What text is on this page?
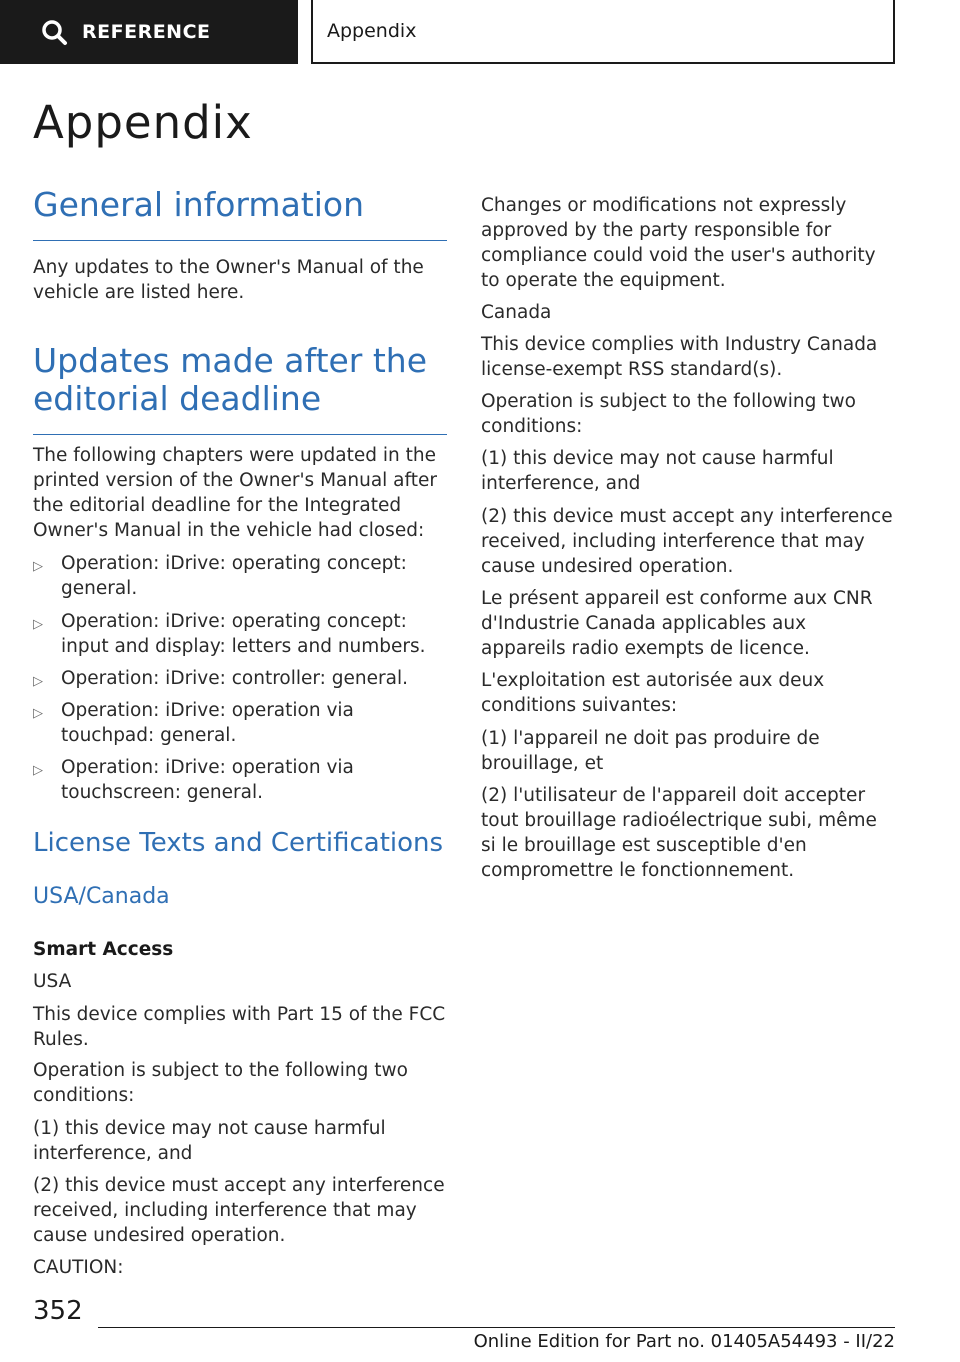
REFERENCE	Appendix
Appendix
General information

Any updates to the Owner's Manual of the vehicle are listed here.

Updates made after the editorial deadline

The following chapters were updated in the printed version of the Owner's Manual after the editorial deadline for the Integrated Owner's Manual in the vehicle had closed:

▷ Operation: iDrive: operating concept: general.
▷ Operation: iDrive: operating concept: input and display: letters and numbers.
▷ Operation: iDrive: controller: general.
▷ Operation: iDrive: operation via touchpad: general.
▷ Operation: iDrive: operation via touchscreen: general.
License Texts and Certifications
USA/Canada

Smart Access

USA

This device complies with Part 15 of the FCC Rules.

Operation is subject to the following two conditions:

(1) this device may not cause harmful interference, and

(2) this device must accept any interference received, including interference that may cause undesired operation.

CAUTION:

Changes or modifications not expressly approved by the party responsible for compliance could void the user's authority to operate the equipment.

Canada

This device complies with Industry Canada license-exempt RSS standard(s).

Operation is subject to the following two conditions:

(1) this device may not cause harmful interference, and

(2) this device must accept any interference received, including interference that may cause undesired operation.

Le présent appareil est conforme aux CNR d'Industrie Canada applicables aux appareils radio exempts de licence.

L'exploitation est autorisée aux deux conditions suivantes:

(1) l'appareil ne doit pas produire de brouillage, et

(2) l'utilisateur de l'appareil doit accepter tout brouillage radioélectrique subi, même si le brouillage est susceptible d'en compromettre le fonctionnement.

352
Online Edition for Part no. 01405A54493 - II/22
